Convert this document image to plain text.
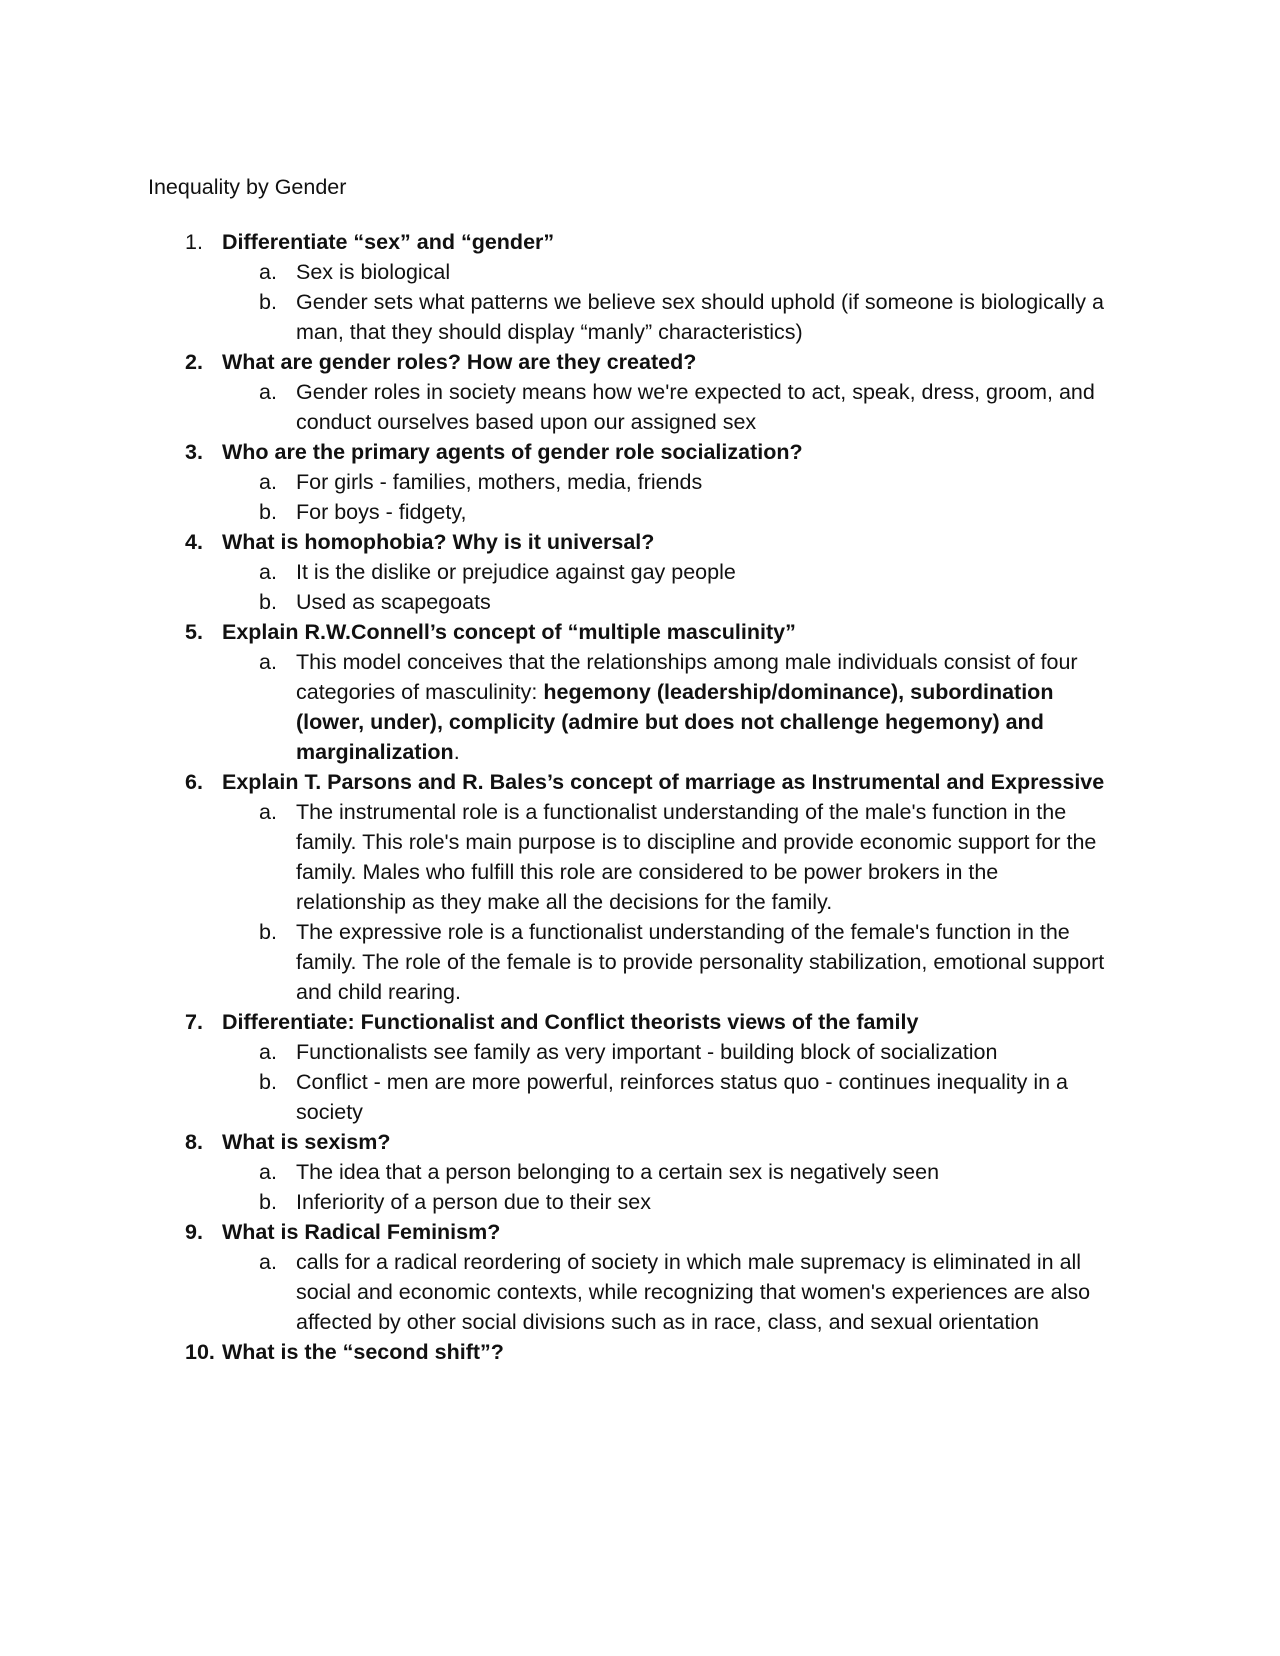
Inequality by Gender
1. Differentiate “sex” and “gender”
a. Sex is biological
b. Gender sets what patterns we believe sex should uphold (if someone is biologically a man, that they should display “manly” characteristics)
2. What are gender roles? How are they created?
a. Gender roles in society means how we're expected to act, speak, dress, groom, and conduct ourselves based upon our assigned sex
3. Who are the primary agents of gender role socialization?
a. For girls - families, mothers, media, friends
b. For boys - fidgety,
4. What is homophobia? Why is it universal?
a. It is the dislike or prejudice against gay people
b. Used as scapegoats
5. Explain R.W.Connell’s concept of “multiple masculinity”
a. This model conceives that the relationships among male individuals consist of four categories of masculinity: hegemony (leadership/dominance), subordination (lower, under), complicity (admire but does not challenge hegemony) and marginalization.
6. Explain T. Parsons and R. Bales’s concept of marriage as Instrumental and Expressive
a. The instrumental role is a functionalist understanding of the male's function in the family. This role's main purpose is to discipline and provide economic support for the family. Males who fulfill this role are considered to be power brokers in the relationship as they make all the decisions for the family.
b. The expressive role is a functionalist understanding of the female's function in the family. The role of the female is to provide personality stabilization, emotional support and child rearing.
7. Differentiate: Functionalist and Conflict theorists views of the family
a. Functionalists see family as very important - building block of socialization
b. Conflict - men are more powerful, reinforces status quo - continues inequality in a society
8. What is sexism?
a. The idea that a person belonging to a certain sex is negatively seen
b. Inferiority of a person due to their sex
9. What is Radical Feminism?
a. calls for a radical reordering of society in which male supremacy is eliminated in all social and economic contexts, while recognizing that women's experiences are also affected by other social divisions such as in race, class, and sexual orientation
10. What is the “second shift”?
